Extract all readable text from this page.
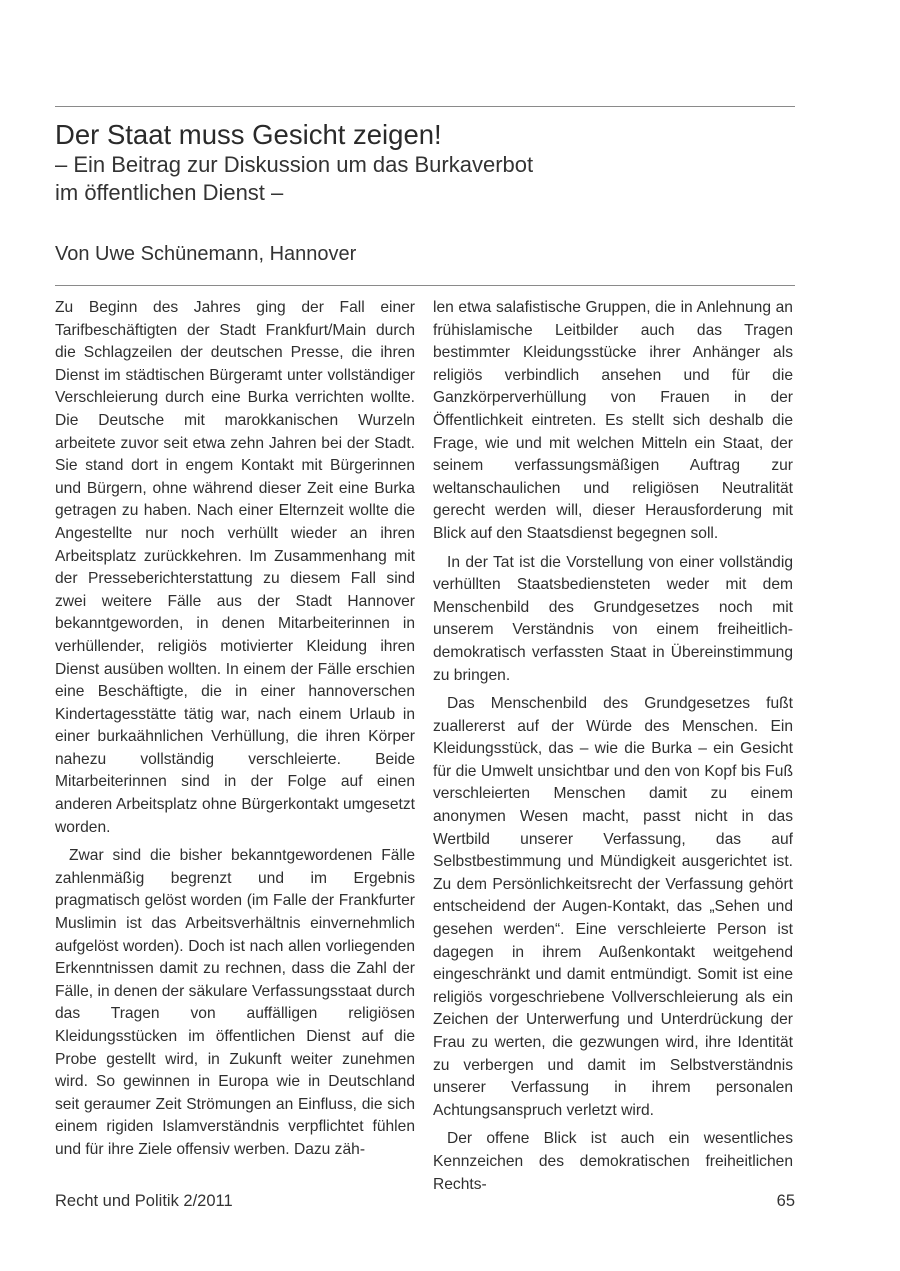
Der Staat muss Gesicht zeigen!
– Ein Beitrag zur Diskussion um das Burkaverbot
im öffentlichen Dienst –
Von Uwe Schünemann, Hannover

Zu Beginn des Jahres ging der Fall einer Tarifbeschäftigten der Stadt Frankfurt/Main durch die Schlagzeilen der deutschen Presse, die ihren Dienst im städtischen Bürgeramt unter vollständiger Verschleierung durch eine Burka verrichten wollte. Die Deutsche mit marokkanischen Wurzeln arbeitete zuvor seit etwa zehn Jahren bei der Stadt. Sie stand dort in engem Kontakt mit Bürgerinnen und Bürgern, ohne während dieser Zeit eine Burka getragen zu haben. Nach einer Elternzeit wollte die Angestellte nur noch verhüllt wieder an ihren Arbeitsplatz zurückkehren. Im Zusammenhang mit der Presseberichterstattung zu diesem Fall sind zwei weitere Fälle aus der Stadt Hannover bekanntgeworden, in denen Mitarbeiterinnen in verhüllender, religiös motivierter Kleidung ihren Dienst ausüben wollten. In einem der Fälle erschien eine Beschäftigte, die in einer hannoverschen Kindertagesstätte tätig war, nach einem Urlaub in einer burkaähnlichen Verhüllung, die ihren Körper nahezu vollständig verschleierte. Beide Mitarbeiterinnen sind in der Folge auf einen anderen Arbeitsplatz ohne Bürgerkontakt umgesetzt worden.

Zwar sind die bisher bekanntgewordenen Fälle zahlenmäßig begrenzt und im Ergebnis pragmatisch gelöst worden (im Falle der Frankfurter Muslimin ist das Arbeitsverhältnis einvernehmlich aufgelöst worden). Doch ist nach allen vorliegenden Erkenntnissen damit zu rechnen, dass die Zahl der Fälle, in denen der säkulare Verfassungsstaat durch das Tragen von auffälligen religiösen Kleidungsstücken im öffentlichen Dienst auf die Probe gestellt wird, in Zukunft weiter zunehmen wird. So gewinnen in Europa wie in Deutschland seit geraumer Zeit Strömungen an Einfluss, die sich einem rigiden Islamverständnis verpflichtet fühlen und für ihre Ziele offensiv werben. Dazu zäh-

len etwa salafistische Gruppen, die in Anlehnung an frühislamische Leitbilder auch das Tragen bestimmter Kleidungsstücke ihrer Anhänger als religiös verbindlich ansehen und für die Ganzkörperverhüllung von Frauen in der Öffentlichkeit eintreten. Es stellt sich deshalb die Frage, wie und mit welchen Mitteln ein Staat, der seinem verfassungsmäßigen Auftrag zur weltanschaulichen und religiösen Neutralität gerecht werden will, dieser Herausforderung mit Blick auf den Staatsdienst begegnen soll.

In der Tat ist die Vorstellung von einer vollständig verhüllten Staatsbediensteten weder mit dem Menschenbild des Grundgesetzes noch mit unserem Verständnis von einem freiheitlich-demokratisch verfassten Staat in Übereinstimmung zu bringen.

Das Menschenbild des Grundgesetzes fußt zuallererst auf der Würde des Menschen. Ein Kleidungsstück, das – wie die Burka – ein Gesicht für die Umwelt unsichtbar und den von Kopf bis Fuß verschleierten Menschen damit zu einem anonymen Wesen macht, passt nicht in das Wertbild unserer Verfassung, das auf Selbstbestimmung und Mündigkeit ausgerichtet ist. Zu dem Persönlichkeitsrecht der Verfassung gehört entscheidend der Augen-Kontakt, das „Sehen und gesehen werden“. Eine verschleierte Person ist dagegen in ihrem Außenkontakt weitgehend eingeschränkt und damit entmündigt. Somit ist eine religiös vorgeschriebene Vollverschleierung als ein Zeichen der Unterwerfung und Unterdrückung der Frau zu werten, die gezwungen wird, ihre Identität zu verbergen und damit im Selbstverständnis unserer Verfassung in ihrem personalen Achtungsanspruch verletzt wird.

Der offene Blick ist auch ein wesentliches Kennzeichen des demokratischen freiheitlichen Rechts-

Recht und Politik 2/2011	65
